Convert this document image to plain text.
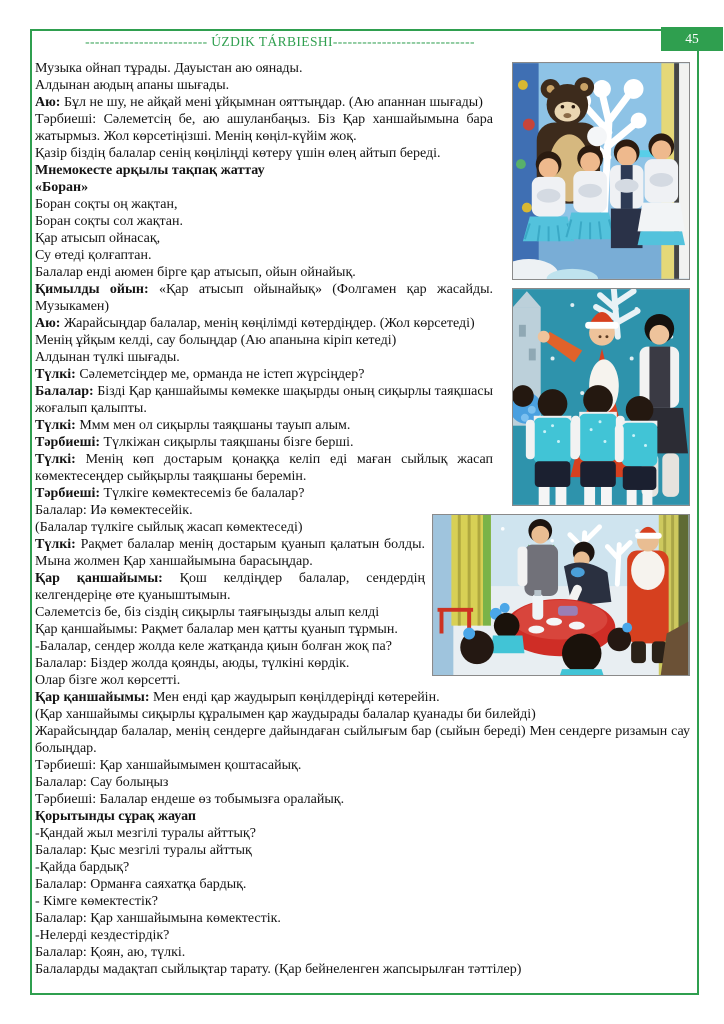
------------------------- ÚZDIK TÁRBIESHI-----------------------------	45

Музыка ойнап тұрады. Дауыстан аю оянады.

Алдынан аюдың апаны шығады.

Аю: Бұл не шу, не айқай мені ұйқымнан ояттыңдар. (Аю апаннан шығады)

Тәрбиеші: Сәлеметсің бе, аю ашуланбаңыз. Біз Қар ханшайымына бара жатырмыз. Жол көрсетіңізші. Менің көңіл-күйім жоқ.

Қазір біздің балалар сенің көңіліңді көтеру үшін өлең айтып береді.

Мнемокесте арқылы тақпақ жаттау

«Боран»

Боран соқты оң жақтан,

Боран соқты сол жақтан.

Қар атысып ойнасақ,

Су өтеді қолғаптан.

Балалар енді аюмен бірге қар атысып, ойын ойнайық.

Қимылды ойын: «Қар атысып ойынайық» (Фолгамен қар жасайды. Музыкамен)

Аю: Жарайсыңдар балалар, менің көңілімді көтердіңдер. (Жол көрсетеді)

Менің ұйқым келді, сау болыңдар (Аю апанына кіріп кетеді)

Алдынан түлкі шығады.

Түлкі: Сәлеметсіңдер ме, орманда не істеп жүрсіңдер?

Балалар: Бізді Қар қаншайымы көмекке шақырды оның сиқырлы таяқшасы жоғалып қалыпты.

Түлкі: Ммм мен ол сиқырлы таяқшаны тауып алым.

Тәрбиеші: Түлкіжан сиқырлы таяқшаны бізге берші.

Түлкі: Менің көп достарым қонаққа келіп еді маған сыйлық жасап көмектесеңдер сыйқырлы таяқшаны беремін.

Тәрбиеші: Түлкіге көмектесеміз бе балалар?

Балалар: Иә көмектесейік.

(Балалар түлкіге сыйлық жасап көмектеседі)

Түлкі: Рақмет балалар менің достарым қуанып қалатын болды. Мына жолмен Қар ханшайымына барасыңдар.

Қар қаншайымы: Қош келдіңдер балалар, сендердің келгендеріңе өте қуаныштымын.

Сәлеметсіз бе, біз сіздің сиқырлы таяғыңызды алып келді

Қар қаншайымы: Рақмет балалар мен қатты қуанып тұрмын.

-Балалар, сендер жолда келе жатқанда қиын болған жоқ па?

Балалар: Біздер жолда қоянды, аюды, түлкіні көрдік.

Олар бізге жол көрсетті.

Қар қаншайымы: Мен енді қар жаудырып көңілдеріңді көтерейін.

(Қар ханшайымы сиқырлы құралымен қар жаудырады балалар қуанады би билейді)

Жарайсыңдар балалар, менің сендерге дайындаған сыйлығым бар (сыйын береді) Мен сендерге ризамын сау болыңдар.

Тәрбиеші: Қар ханшайымымен қоштасайық.

Балалар: Сау болыңыз

Тәрбиеші: Балалар ендеше өз тобымызға оралайық.

Қорытынды сұрақ жауап

-Қандай жыл мезгілі туралы айттық?

Балалар: Қыс мезгілі туралы айттық

-Қайда бардық?

Балалар: Орманға саяхатқа бардық.

- Кімге көмектестік?

Балалар: Қар ханшайымына көмектестік.

-Нелерді кездестірдік?

Балалар: Қоян, аю, түлкі.

Балаларды мадақтап сыйлықтар тарату. (Қар бейнеленген жапсырылған тәттілер)
